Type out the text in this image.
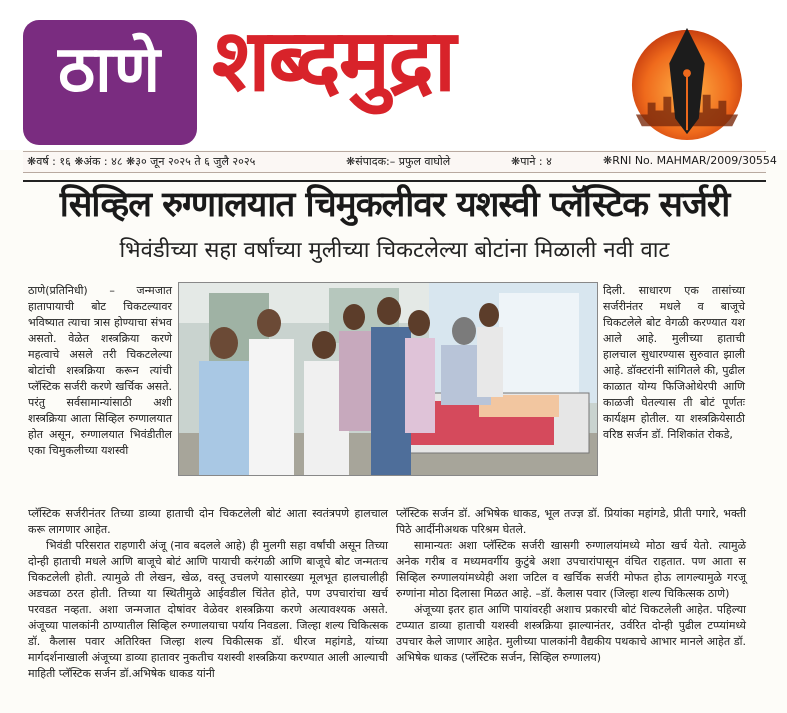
ठाणे शब्दमुद्रा
❋वर्ष : १६ ❋अंक : ४८ ❋३० जून २०२५ ते ६ जुलै २०२५	❋संपादक:– प्रफुल वाघोले	❋पाने : ४	❋RNI No. MAHMAR/2009/30554
सिव्हिल रुग्णालयात चिमुकलीवर यशस्वी प्लॅस्टिक सर्जरी
भिवंडीच्या सहा वर्षांच्या मुलीच्या चिकटलेल्या बोटांना मिळाली नवी वाट

ठाणे(प्रतिनिधी) – जन्मजात हातापायाची बोट चिकटल्यावर भविष्यात त्याचा त्रास होण्याचा संभव असतो. वेळेत शस्त्रक्रिया करणे महत्वाचे असले तरी चिकटलेल्या बोटांची शस्त्रक्रिया करून त्यांची प्लॅस्टिक सर्जरी करणे खर्चिक असते. परंतु सर्वसामान्यांसाठी अशी शस्त्रक्रिया आता सिव्हिल रुग्णालयात होत असून, रुग्णालयात भिवंडीतील एका चिमुकलीच्या यशस्वी

दिली. साधारण एक तासांच्या सर्जरीनंतर मधले व बाजूचे चिकटलेले बोट वेगळी करण्यात यश आले आहे. मुलीच्या हाताची हालचाल सुधारण्यास सुरुवात झाली आहे. डॉक्टरांनी सांगितले की, पुढील काळात योग्य फिजिओथेरपी आणि काळजी घेतल्यास ती बोटं पूर्णतः कार्यक्षम होतील. या शस्त्रक्रियेसाठी वरिष्ठ सर्जन डॉ. निशिकांत रोकडे,

प्लॅस्टिक सर्जरीनंतर तिच्या डाव्या हाताची दोन चिकटलेली बोटं आता स्वतंत्रपणे हालचाल करू लागणार आहेत.

भिवंडी परिसरात राहणारी अंजू (नाव बदलले आहे) ही मुलगी सहा वर्षांची असून तिच्या दोन्ही हाताची मधले आणि बाजूचे बोटं आणि पायाची करंगळी आणि बाजूचे बोट जन्मतःच चिकटलेली होती. त्यामुळे ती लेखन, खेळ, वस्तू उचलणे यासारख्या मूलभूत हालचालीही अडचळा ठरत होती. तिच्या या स्थितीमुळे आईवडील चिंतेत होते, पण उपचारांचा खर्च परवडत नव्हता. अशा जन्मजात दोषांवर वेळेवर शस्त्रक्रिया करणे अत्यावश्यक असते. अंजूच्या पालकांनी ठाण्यातील सिव्हिल रुग्णालयाचा पर्याय निवडला. जिल्हा शल्य चिकित्सक डॉ. कैलास पवार अतिरिक्त जिल्हा शल्य चिकीत्सक डॉ. धीरज महांगडे, यांच्या मार्गदर्शनाखाली अंजूच्या डाव्या हातावर नुकतीच यशस्वी शस्त्रक्रिया करण्यात आली आल्याची माहिती प्लॅस्टिक सर्जन डॉ.अभिषेक धाकड यांनी

प्लॅस्टिक सर्जन डॉ. अभिषेक धाकड, भूल तज्ज्ञ डॉ. प्रियांका महांगडे, प्रीती पगारे, भक्ती पिठे आर्दीनीअथक परिश्रम घेतले.

सामान्यतः अशा प्लॅस्टिक सर्जरी खासगी रुग्णालयांमध्ये मोठा खर्च येतो. त्यामुळे अनेक गरीब व मध्यमवर्गीय कुटुंबे अशा उपचारांपासून वंचित राहतात. पण आता स सिव्हिल रुग्णालयांमध्येही अशा जटिल व खर्चिक सर्जरी मोफत होऊ लागल्यामुळे गरजू रुग्णांना मोठा दिलासा मिळत आहे. –डॉ. कैलास पवार (जिल्हा शल्य चिकित्सक ठाणे)

अंजूच्या इतर हात आणि पायांवरही अशाच प्रकारची बोटं चिकटलेली आहेत. पहिल्या टप्प्यात डाव्या हाताची यशस्वी शस्त्रक्रिया झाल्यानंतर, उर्वरित दोन्ही पुढील टप्प्यांमध्ये उपचार केले जाणार आहेत. मुलीच्या पालकांनी वैद्यकीय पथकाचे आभार मानले आहेत डॉ. अभिषेक धाकड (प्लॅस्टिक सर्जन, सिव्हिल रुग्णालय)
